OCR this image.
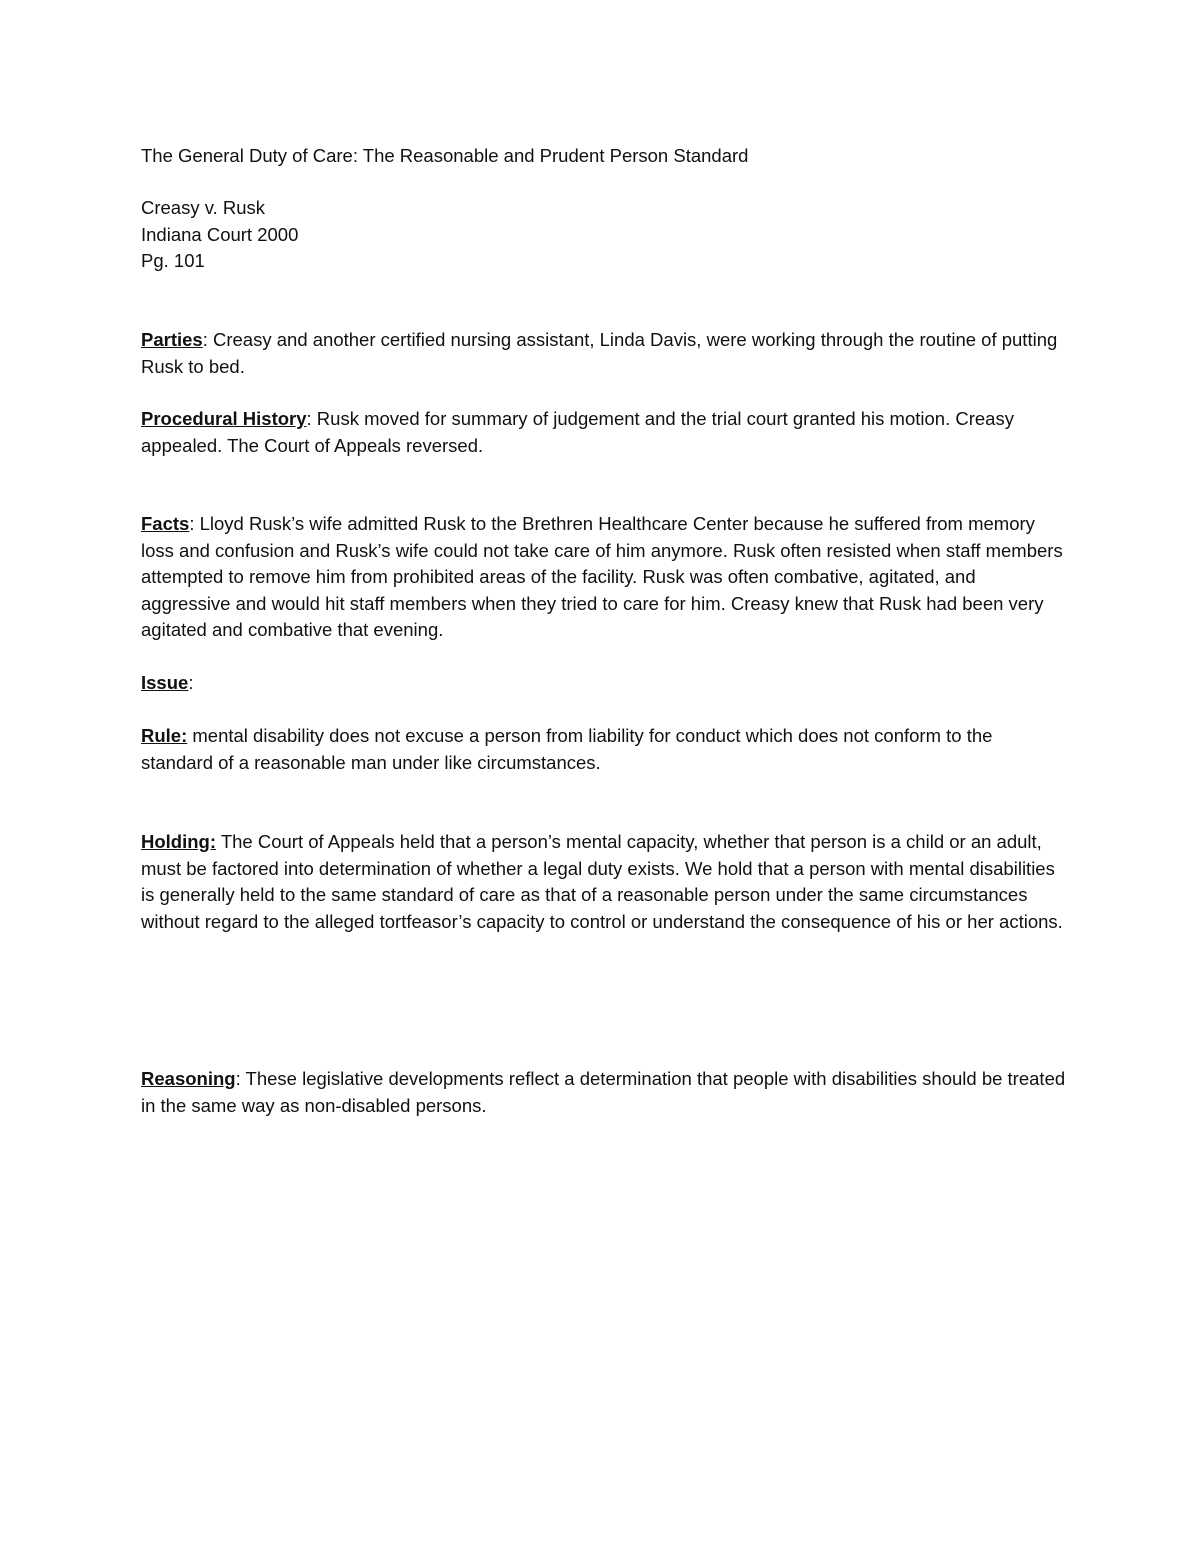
The General Duty of Care: The Reasonable and Prudent Person Standard

Creasy v. Rusk

Indiana Court 2000

Pg. 101

Parties: Creasy and another certified nursing assistant, Linda Davis, were working through the routine of putting Rusk to bed.

Procedural History: Rusk moved for summary of judgement and the trial court granted his motion. Creasy appealed. The Court of Appeals reversed.

Facts: Lloyd Rusk’s wife admitted Rusk to the Brethren Healthcare Center because he suffered from memory loss and confusion and Rusk’s wife could not take care of him anymore. Rusk often resisted when staff members attempted to remove him from prohibited areas of the facility. Rusk was often combative, agitated, and aggressive and would hit staff members when they tried to care for him. Creasy knew that Rusk had been very agitated and combative that evening.

Issue:

Rule: mental disability does not excuse a person from liability for conduct which does not conform to the standard of a reasonable man under like circumstances.

Holding: The Court of Appeals held that a person’s mental capacity, whether that person is a child or an adult, must be factored into determination of whether a legal duty exists. We hold that a person with mental disabilities is generally held to the same standard of care as that of a reasonable person under the same circumstances without regard to the alleged tortfeasor’s capacity to control or understand the consequence of his or her actions.

Reasoning: These legislative developments reflect a determination that people with disabilities should be treated in the same way as non-disabled persons.
